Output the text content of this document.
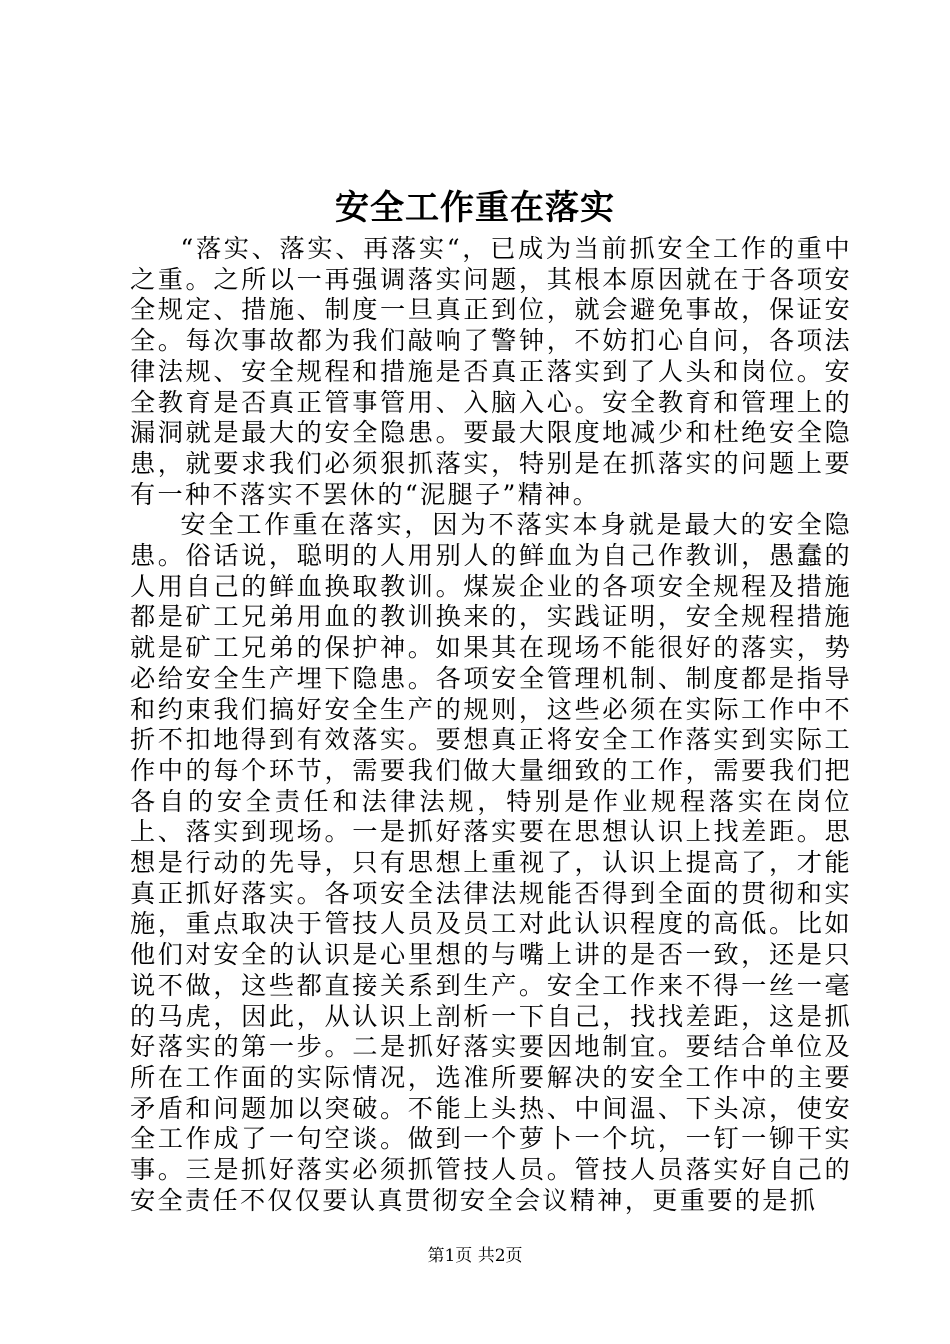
安全工作重在落实

“落实、落实、再落实“，已成为当前抓安全工作的重中之重。之所以一再强调落实问题，其根本原因就在于各项安全规定、措施、制度一旦真正到位，就会避免事故，保证安全。每次事故都为我们敲响了警钟，不妨扪心自问，各项法律法规、安全规程和措施是否真正落实到了人头和岗位。安全教育是否真正管事管用、入脑入心。安全教育和管理上的漏洞就是最大的安全隐患。要最大限度地减少和杜绝安全隐患，就要求我们必须狠抓落实，特别是在抓落实的问题上要有一种不落实不罢休的“泥腿子”精神。

安全工作重在落实，因为不落实本身就是最大的安全隐患。俗话说，聪明的人用别人的鲜血为自己作教训，愚蠢的人用自己的鲜血换取教训。煤炭企业的各项安全规程及措施都是矿工兄弟用血的教训换来的，实践证明，安全规程措施就是矿工兄弟的保护神。如果其在现场不能很好的落实，势必给安全生产埋下隐患。各项安全管理机制、制度都是指导和约束我们搞好安全生产的规则，这些必须在实际工作中不折不扣地得到有效落实。要想真正将安全工作落实到实际工作中的每个环节，需要我们做大量细致的工作，需要我们把各自的安全责任和法律法规，特别是作业规程落实在岗位上、落实到现场。一是抓好落实要在思想认识上找差距。思想是行动的先导，只有思想上重视了，认识上提高了，才能真正抓好落实。各项安全法律法规能否得到全面的贯彻和实施，重点取决于管技人员及员工对此认识程度的高低。比如他们对安全的认识是心里想的与嘴上讲的是否一致，还是只说不做，这些都直接关系到生产。安全工作来不得一丝一毫的马虎，因此，从认识上剖析一下自己，找找差距，这是抓好落实的第一步。二是抓好落实要因地制宜。要结合单位及所在工作面的实际情况，选准所要解决的安全工作中的主要矛盾和问题加以突破。不能上头热、中间温、下头凉，使安全工作成了一句空谈。做到一个萝卜一个坑，一钉一铆干实事。三是抓好落实必须抓管技人员。管技人员落实好自己的安全责任不仅仅要认真贯彻安全会议精神，更重要的是抓

第1页 共2页
